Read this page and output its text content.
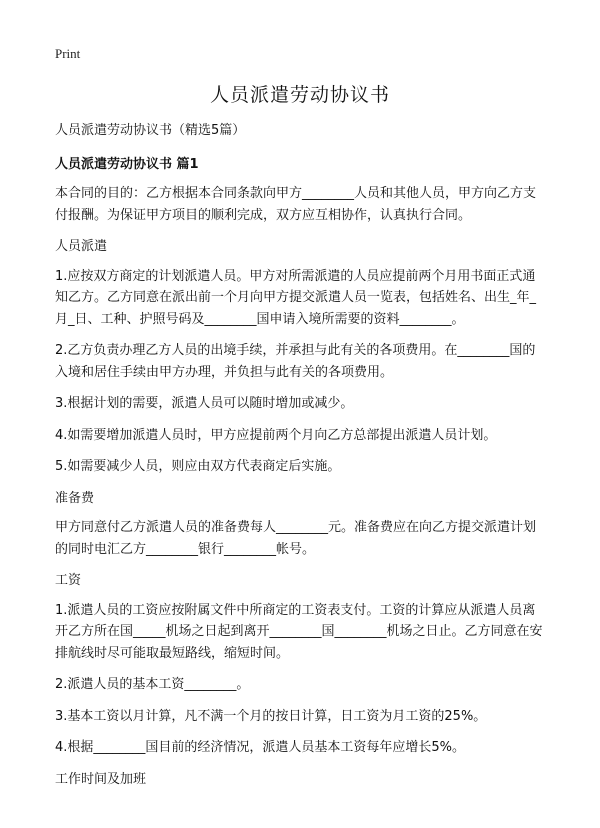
Print
人员派遣劳动协议书

人员派遣劳动协议书（精选5篇）

人员派遣劳动协议书 篇1

本合同的目的：乙方根据本合同条款向甲方________人员和其他人员，甲方向乙方支付报酬。为保证甲方项目的顺利完成，双方应互相协作，认真执行合同。

人员派遣

1.应按双方商定的计划派遣人员。甲方对所需派遣的人员应提前两个月用书面正式通知乙方。乙方同意在派出前一个月向甲方提交派遣人员一览表，包括姓名、出生_年_月_日、工种、护照号码及________国申请入境所需要的资料________。

2.乙方负责办理乙方人员的出境手续，并承担与此有关的各项费用。在________国的入境和居住手续由甲方办理，并负担与此有关的各项费用。

3.根据计划的需要，派遣人员可以随时增加或减少。

4.如需要增加派遣人员时，甲方应提前两个月向乙方总部提出派遣人员计划。

5.如需要减少人员，则应由双方代表商定后实施。

准备费

甲方同意付乙方派遣人员的准备费每人________元。准备费应在向乙方提交派遣计划的同时电汇乙方________银行________帐号。

工资

1.派遣人员的工资应按附属文件中所商定的工资表支付。工资的计算应从派遣人员离开乙方所在国_____机场之日起到离开________国________机场之日止。乙方同意在安排航线时尽可能取最短路线，缩短时间。

2.派遣人员的基本工资________。

3.基本工资以月计算，凡不满一个月的按日计算，日工资为月工资的25%。

4.根据________国目前的经济情况，派遣人员基本工资每年应增长5%。

工作时间及加班
